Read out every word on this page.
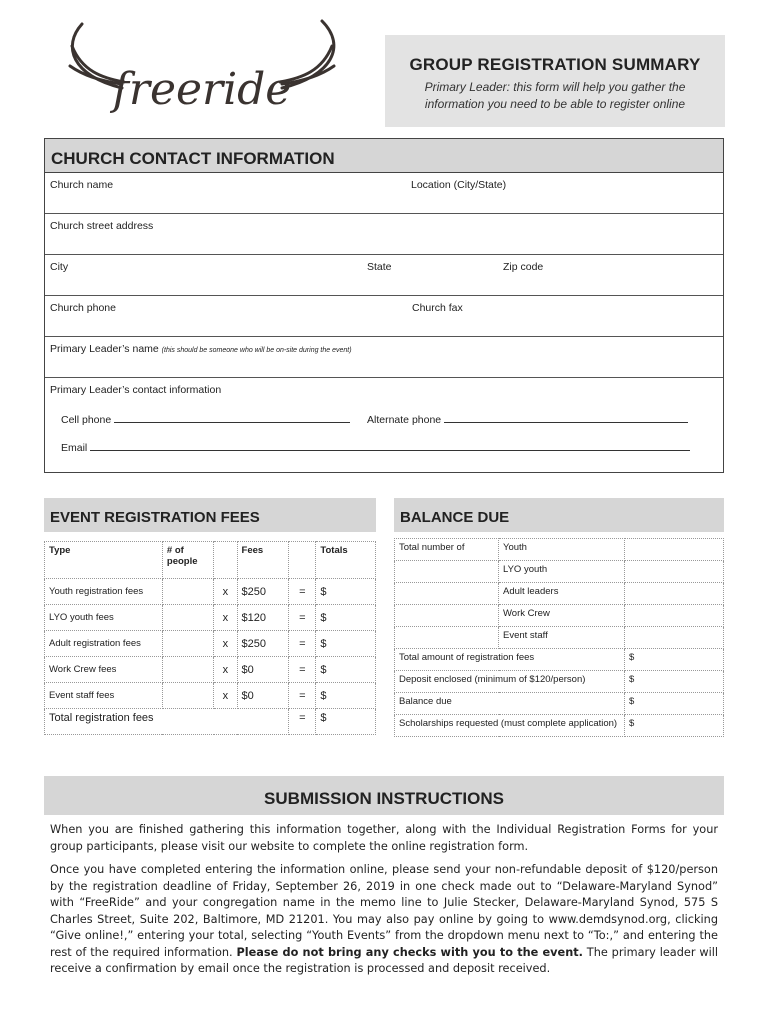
freeride	GROUP REGISTRATION SUMMARY

Primary Leader: this form will help you gather the
information you need to be able to register online

CHURCH CONTACT INFORMATION
Church name	Location (City/State)
Church street address
City	State	Zip code
Church phone	Church fax
Primary Leader’s name (this should be someone who will be on-site during the event)
Primary Leader’s contact information
Cell phone	Alternate phone
Email
EVENT REGISTRATION FEES	BALANCE DUE
Type	# of people		Fees		Totals
Youth registration fees		x	$250	=	$
LYO youth fees		x	$120	=	$
Adult registration fees		x	$250	=	$
Work Crew fees		x	$0	=	$
Event staff fees		x	$0	=	$
Total registration fees				=	$
Total number of	Youth	
	LYO youth	
	Adult leaders	
	Work Crew	
	Event staff	
Total amount of registration fees		$
Deposit enclosed (minimum of $120/person)		$
Balance due		$
Scholarships requested (must complete application)		$
SUBMISSION INSTRUCTIONS

When you are finished gathering this information together, along with the Individual Registration Forms for your group participants, please visit our website to complete the online registration form.

Once you have completed entering the information online, please send your non-refundable deposit of $120/person by the registration deadline of Friday, September 26, 2019 in one check made out to “Delaware-Maryland Synod” with “FreeRide” and your congregation name in the memo line to Julie Stecker, Delaware-Maryland Synod, 575 S Charles Street, Suite 202, Baltimore, MD 21201. You may also pay online by going to www.demdsynod.org, clicking “Give online!,” entering your total, selecting “Youth Events” from the dropdown menu next to “To:,” and entering the rest of the required information. Please do not bring any checks with you to the event. The primary leader will receive a confirmation by email once the registration is processed and deposit received.
